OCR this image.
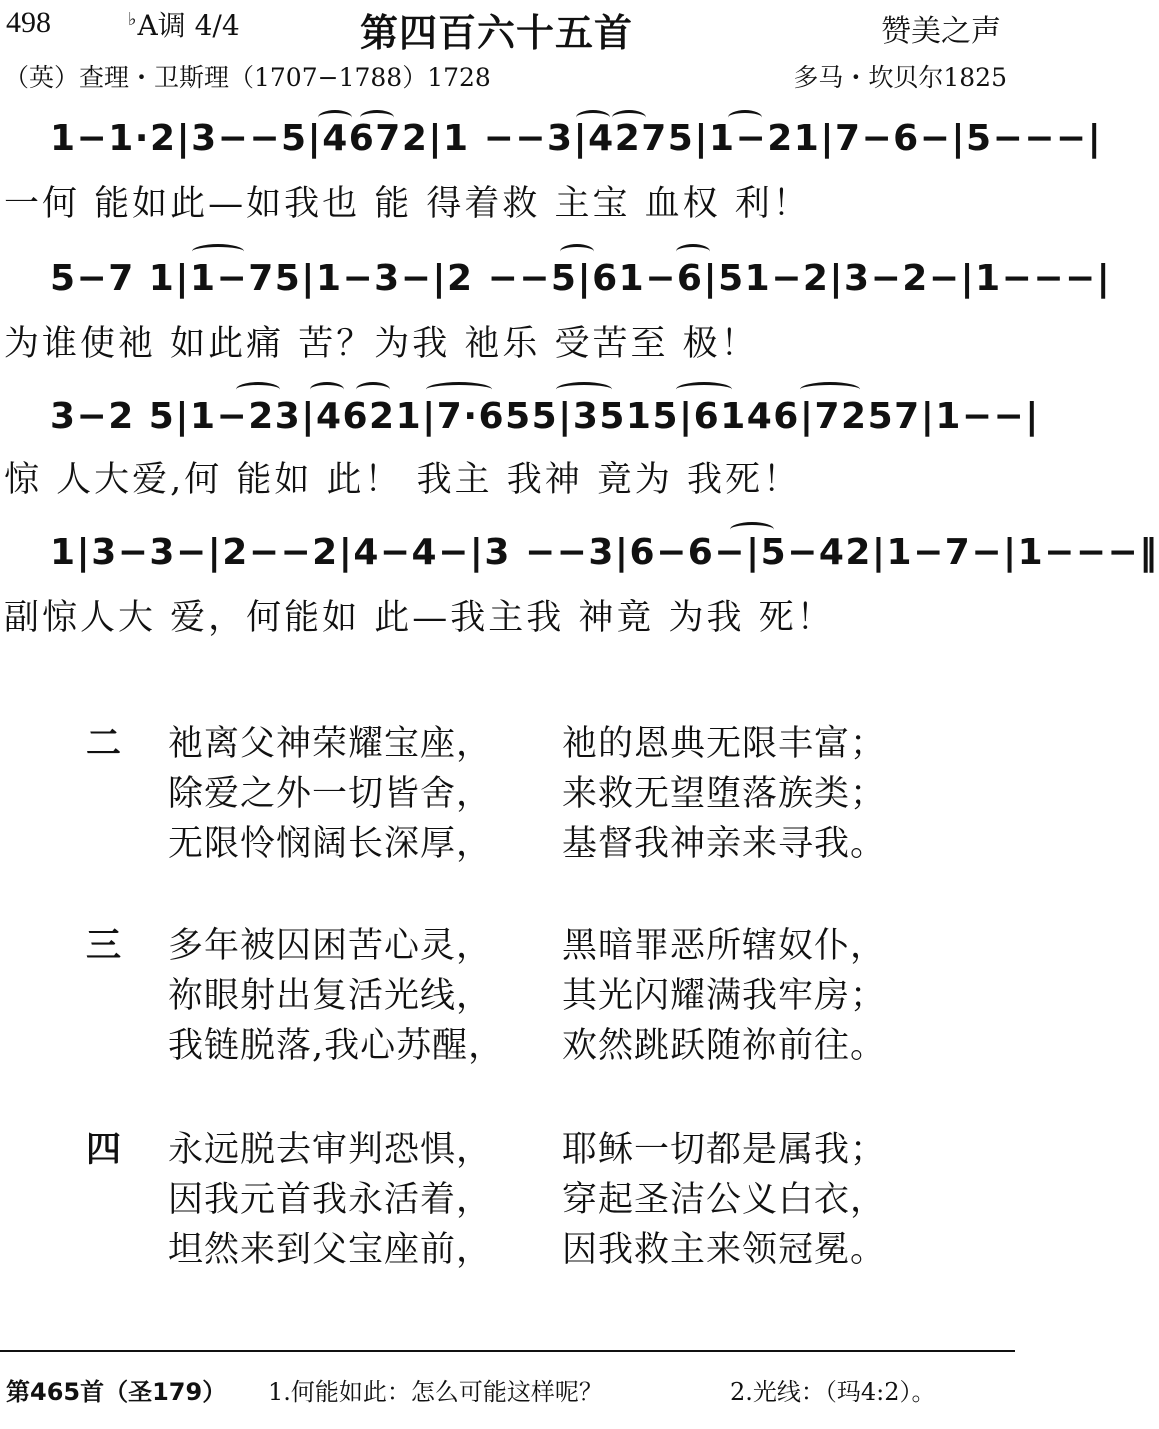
498	♭A调 4/4	第四百六十五首	赞美之声
（英）查理・卫斯理（1707−1788）1728	多马・坎贝尔1825
1−1·2|3−−5|4672|1 −−3|4275|1−21|7−6−|5−−−|
一何 能如此—如我也 能 得着救 主宝 血权 利！
5−7 1|1−75|1−3−|2 −−5|61−6|51−2|3−2−|1−−−|
为谁使祂 如此痛 苦？为我 祂乐 受苦至 极！
3−2 5|1−23|4621|7·655|3515|6146|7257|1−−|
惊 人大爱,何 能如 此！ 我主 我神 竟为 我死！
1|3−3−|2−−2|4−4−|3 −−3|6−6−|5−42|1−7−|1−−−‖
副惊人大 爱，何能如 此—我主我 神竟 为我 死！
二 祂离父神荣耀宝座， 祂的恩典无限丰富；
除爱之外一切皆舍， 来救无望堕落族类；
无限怜悯阔长深厚， 基督我神亲来寻我。
三 多年被囚困苦心灵， 黑暗罪恶所辖奴仆，
祢眼射出复活光线， 其光闪耀满我牢房；
我链脱落,我心苏醒， 欢然跳跃随祢前往。
四 永远脱去审判恐惧， 耶稣一切都是属我；
因我元首我永活着， 穿起圣洁公义白衣，
坦然来到父宝座前， 因我救主来领冠冕。
第465首（圣179） 1.何能如此：怎么可能这样呢？	2.光线：（玛4:2）。
